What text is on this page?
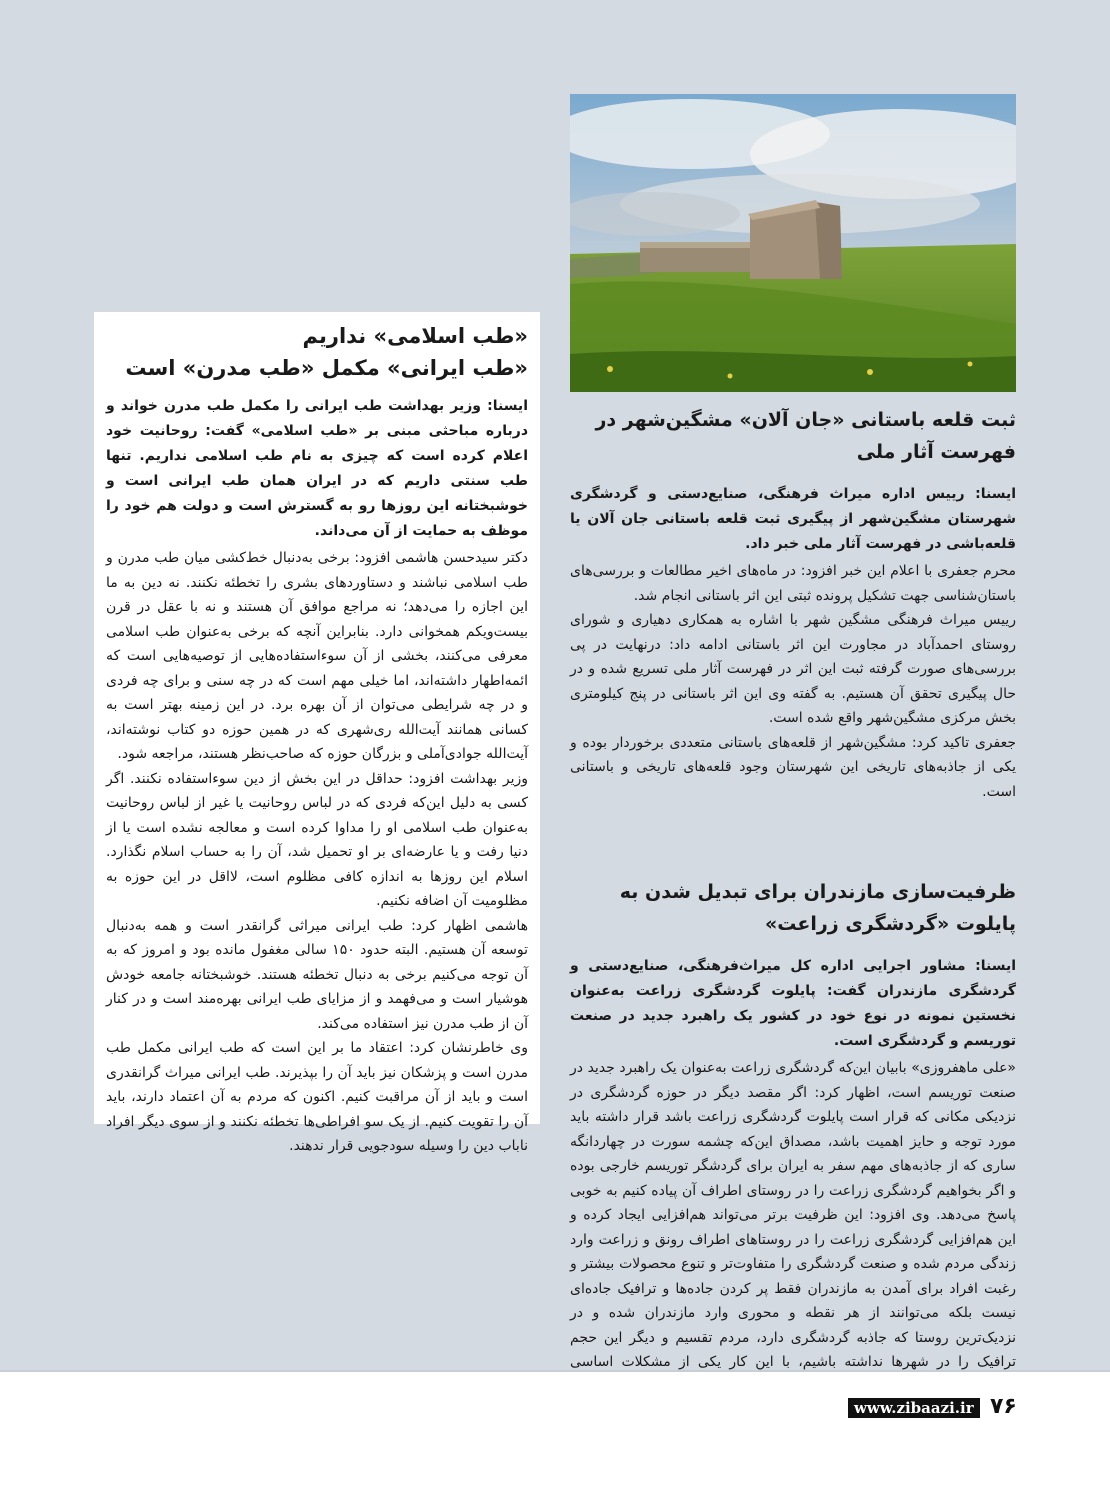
«طب اسلامی» نداریم
«طب ایرانی» مکمل «طب مدرن» است

ایسنا: وزیر بهداشت طب ایرانی را مکمل طب مدرن خواند و درباره مباحثی مبنی بر «طب اسلامی» گفت: روحانیت خود اعلام کرده است که چیزی به نام طب اسلامی نداریم. تنها طب سنتی داریم که در ایران همان طب ایرانی است و خوشبختانه این روزها رو به گسترش است و دولت هم خود را موظف به حمایت از آن می‌داند.

دکتر سیدحسن هاشمی افزود: برخی به‌دنبال خط‌کشی میان طب مدرن و طب اسلامی نباشند و دستاوردهای بشری را تخطئه نکنند. نه دین به ما این اجازه را می‌دهد؛ نه مراجع موافق آن هستند و نه با عقل در قرن بیست‌ویکم همخوانی دارد. بنابراین آنچه که برخی به‌عنوان طب اسلامی معرفی می‌کنند، بخشی از آن سوءاستفاده‌هایی از توصیه‌هایی است که ائمه‌اطهار داشته‌اند، اما خیلی مهم است که در چه سنی و برای چه فردی و در چه شرایطی می‌توان از آن بهره برد. در این زمینه بهتر است به کسانی همانند آیت‌الله ری‌شهری که در همین حوزه دو کتاب نوشته‌اند، آیت‌الله جوادی‌آملی و بزرگان حوزه که صاحب‌نظر هستند، مراجعه شود.

وزیر بهداشت افزود: حداقل در این بخش از دین سوءاستفاده نکنند. اگر کسی به دلیل این‌که فردی که در لباس روحانیت یا غیر از لباس روحانیت به‌عنوان طب اسلامی او را مداوا کرده است و معالجه نشده است یا از دنیا رفت و یا عارضه‌ای بر او تحمیل شد، آن را به حساب اسلام نگذارد. اسلام این روزها به اندازه کافی مظلوم است، لااقل در این حوزه به مظلومیت آن اضافه نکنیم.

هاشمی اظهار کرد: طب ایرانی میراثی گرانقدر است و همه به‌دنبال توسعه آن هستیم. البته حدود ۱۵۰ سالی مغفول مانده بود و امروز که به آن توجه می‌کنیم برخی به دنبال تخطئه هستند. خوشبختانه جامعه خودش هوشیار است و می‌فهمد و از مزایای طب ایرانی بهره‌مند است و در کنار آن از طب مدرن نیز استفاده می‌کند.

وی خاطرنشان کرد: اعتقاد ما بر این است که طب ایرانی مکمل طب مدرن است و پزشکان نیز باید آن را بپذیرند. طب ایرانی میراث گرانقدری است و باید از آن مراقبت کنیم. اکنون که مردم به آن اعتماد دارند، باید آن را تقویت کنیم. از یک سو افراطی‌ها تخطئه نکنند و از سوی دیگر افراد ناباب دین را وسیله سودجویی قرار ندهند.

ثبت قلعه باستانی «جان آلان» مشگین‌شهر در فهرست آثار ملی

ایسنا: رییس اداره میراث فرهنگی، صنایع‌دستی و گردشگری شهرستان مشگین‌شهر از پیگیری ثبت قلعه باستانی جان آلان یا قلعه‌باشی در فهرست آثار ملی خبر داد.

محرم جعفری با اعلام این خبر افزود: در ماه‌های اخیر مطالعات و بررسی‌های باستان‌شناسی جهت تشکیل پرونده ثبتی این اثر باستانی انجام شد.

رییس میراث فرهنگی مشگین شهر با اشاره به همکاری دهیاری و شورای روستای احمدآباد در مجاورت این اثر باستانی ادامه داد: درنهایت در پی بررسی‌های صورت گرفته ثبت این اثر در فهرست آثار ملی تسریع شده و در حال پیگیری تحقق آن هستیم. به گفته وی این اثر باستانی در پنج کیلومتری بخش مرکزی مشگین‌شهر واقع شده است.

جعفری تاکید کرد: مشگین‌شهر از قلعه‌های باستانی متعددی برخوردار بوده و یکی از جاذبه‌های تاریخی این شهرستان وجود قلعه‌های تاریخی و باستانی است.

ظرفیت‌سازی مازندران برای تبدیل شدن به پایلوت «گردشگری زراعت»

ایسنا: مشاور اجرایی اداره کل میراث‌فرهنگی، صنایع‌دستی و گردشگری مازندران گفت: پایلوت گردشگری زراعت به‌عنوان نخستین نمونه در نوع خود در کشور یک راهبرد جدید در صنعت توریسم و گردشگری است.

«علی ماهفروزی» بابیان این‌که گردشگری زراعت به‌عنوان یک راهبرد جدید در صنعت توریسم است، اظهار کرد: اگر مقصد دیگر در حوزه گردشگری در نزدیکی مکانی که قرار است پایلوت گردشگری زراعت باشد قرار داشته باید مورد توجه و حایز اهمیت باشد، مصداق این‌که چشمه سورت در چهاردانگه ساری که از جاذبه‌های مهم سفر به ایران برای گردشگر توریسم خارجی بوده و اگر بخواهیم گردشگری زراعت را در روستای اطراف آن پیاده کنیم به خوبی پاسخ می‌دهد. وی افزود: این ظرفیت برتر می‌تواند هم‌افزایی ایجاد کرده و این هم‌افزایی گردشگری زراعت را در روستاهای اطراف رونق و زراعت وارد زندگی مردم شده و صنعت گردشگری را متفاوت‌تر و تنوع محصولات بیشتر و رغبت افراد برای آمدن به مازندران فقط پر کردن جاده‌ها و ترافیک جاده‌ای نیست بلکه می‌توانند از هر نقطه و محوری وارد مازندران شده و در نزدیک‌ترین روستا که جاذبه گردشگری دارد، مردم تقسیم و دیگر این حجم ترافیک را در شهرها نداشته باشیم، با این کار یکی از مشکلات اساسی

www.zibaazi.ir ۷۶
